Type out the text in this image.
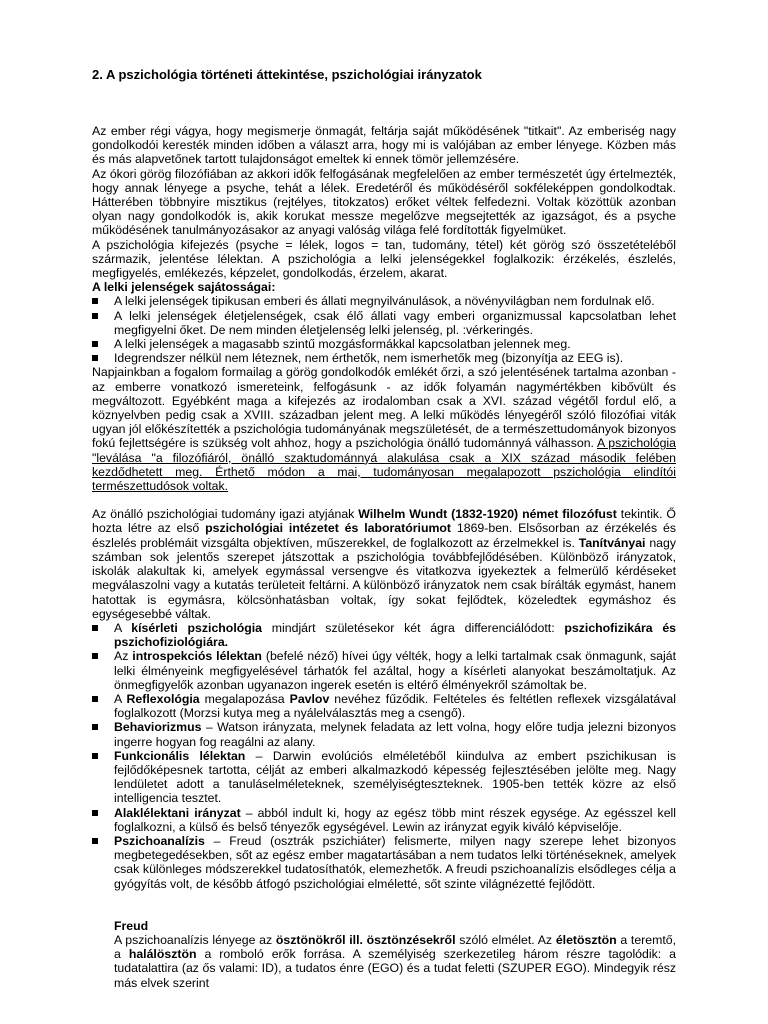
2. A pszichológia történeti áttekintése, pszichológiai irányzatok

Az ember régi vágya, hogy megismerje önmagát, feltárja saját működésének "titkait". Az emberiség nagy gondolkodói keresték minden időben a választ arra, hogy mi is valójában az ember lényege. Közben más és más alapvetőnek tartott tulajdonságot emeltek ki ennek tömör jellemzésére.

Az ókori görög filozófiában az akkori idők felfogásának megfelelően az ember természetét úgy értelmezték, hogy annak lényege a psyche, tehát a lélek. Eredetéről és működéséről sokféleképpen gondolkodtak. Hátterében többnyire misztikus (rejtélyes, titokzatos) erőket véltek felfedezni. Voltak közöttük azonban olyan nagy gondolkodók is, akik korukat messze megelőzve megsejtették az igazságot, és a psyche működésének tanulmányozásakor az anyagi valóság világa felé fordították figyelmüket.

A pszichológia kifejezés (psyche = lélek, logos = tan, tudomány, tétel) két görög szó összetételéből származik, jelentése lélektan. A pszichológia a lelki jelenségekkel foglalkozik: érzékelés, észlelés, megfigyelés, emlékezés, képzelet, gondolkodás, érzelem, akarat.

A lelki jelenségek sajátosságai:

A lelki jelenségek tipikusan emberi és állati megnyilvánulások, a növényvilágban nem fordulnak elő.
A lelki jelenségek életjelenségek, csak élő állati vagy emberi organizmussal kapcsolatban lehet megfigyelni őket. De nem minden életjelenség lelki jelenség, pl. :vérkeringés.
A lelki jelenségek a magasabb szintű mozgásformákkal kapcsolatban jelennek meg.
Idegrendszer nélkül nem léteznek, nem érthetők, nem ismerhetők meg (bizonyítja az EEG is).

Napjainkban a fogalom formailag a görög gondolkodók emlékét őrzi, a szó jelentésének tartalma azonban - az emberre vonatkozó ismereteink, felfogásunk - az idők folyamán nagymértékben kibővült és megváltozott. Egyébként maga a kifejezés az irodalomban csak a XVI. század végétől fordul elő, a köznyelvben pedig csak a XVIII. században jelent meg. A lelki működés lényegéről szóló filozófiai viták ugyan jól előkészítették a pszichológia tudományának megszületését, de a természettudományok bizonyos fokú fejlettségére is szükség volt ahhoz, hogy a pszichológia önálló tudománnyá válhasson. A pszichológia "leválása "a filozófiáról, önálló szaktudománnyá alakulása csak a XIX század második felében kezdődhetett meg. Érthető módon a mai, tudományosan megalapozott pszichológia elindítói természettudósok voltak.

Az önálló pszichológiai tudomány igazi atyjának Wilhelm Wundt (1832-1920) német filozófust tekintik. Ő hozta létre az első pszichológiai intézetet és laboratóriumot 1869-ben. Elsősorban az érzékelés és észlelés problémáit vizsgálta objektíven, műszerekkel, de foglalkozott az érzelmekkel is. Tanítványai nagy számban sok jelentős szerepet játszottak a pszichológia továbbfejlődésében. Különböző irányzatok, iskolák alakultak ki, amelyek egymással versengve és vitatkozva igyekeztek a felmerülő kérdéseket megválaszolni vagy a kutatás területeit feltárni. A különböző irányzatok nem csak bírálták egymást, hanem hatottak is egymásra, kölcsönhatásban voltak, így sokat fejlődtek, közeledtek egymáshoz és egységesebbé váltak.

A kísérleti pszichológia mindjárt születésekor két ágra differenciálódott: pszichofizikára és pszichofiziológiára.
Az introspekciós lélektan (befelé néző) hívei úgy vélték, hogy a lelki tartalmak csak önmagunk, saját lelki élményeink megfigyelésével tárhatók fel azáltal, hogy a kísérleti alanyokat beszámoltatjuk. Az önmegfigyelők azonban ugyanazon ingerek esetén is eltérő élményekről számoltak be.
A Reflexológia megalapozása Pavlov nevéhez fűződik. Feltételes és feltétlen reflexek vizsgálatával foglalkozott (Morzsi kutya meg a nyálelválasztás meg a csengő).
Behaviorizmus – Watson irányzata, melynek feladata az lett volna, hogy előre tudja jelezni bizonyos ingerre hogyan fog reagálni az alany.
Funkcionális lélektan – Darwin evolúciós elméletéből kiindulva az embert pszichikusan is fejlődőképesnek tartotta, célját az emberi alkalmazkodó képesség fejlesztésében jelölte meg. Nagy lendületet adott a tanuláselméleteknek, személyiségteszteknek. 1905-ben tették közre az első intelligencia tesztet.
Alaklélektani irányzat – abból indult ki, hogy az egész több mint részek egysége. Az egésszel kell foglalkozni, a külső és belső tényezők egységével. Lewin az irányzat egyik kiváló képviselője.
Pszichoanalízis – Freud (osztrák pszichiáter) felismerte, milyen nagy szerepe lehet bizonyos megbetegedésekben, sőt az egész ember magatartásában a nem tudatos lelki történéseknek, amelyek csak különleges módszerekkel tudatosíthatók, elemezhetők. A freudi pszichoanalízis elsődleges célja a gyógyítás volt, de később átfogó pszichológiai elméletté, sőt szinte világnézetté fejlődött.

Freud

A pszichoanalízis lényege az ösztönökről ill. ösztönzésekről szóló elmélet. Az életösztön a teremtő, a halálösztön a romboló erők forrása. A személyiség szerkezetileg három részre tagolódik: a tudatalattira (az ős valami: ID), a tudatos énre (EGO) és a tudat feletti (SZUPER EGO). Mindegyik rész más elvek szerint
